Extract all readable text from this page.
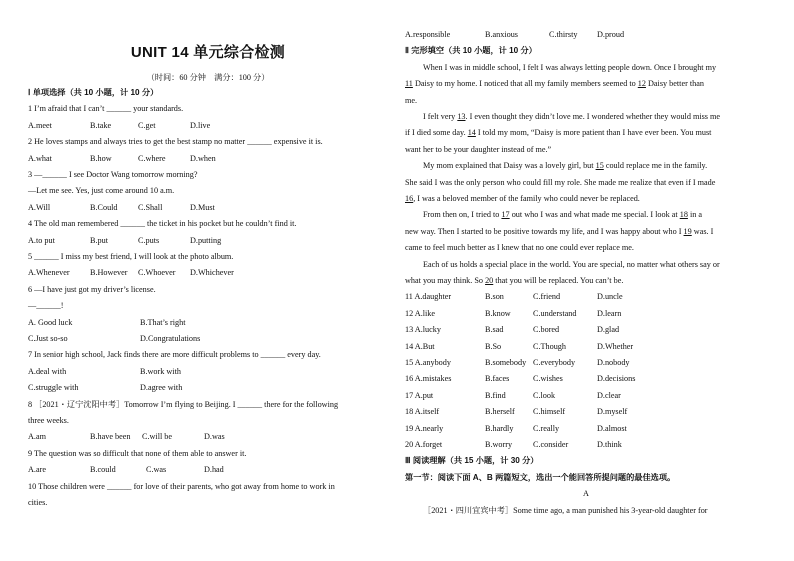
UNIT 14 单元综合检测
（时间：60 分钟　满分：100 分）
Ⅰ 单项选择（共 10 小题，计 10 分）
1 I’m afraid that I can’t ______ your standards.
A.meet	B.take	C.get	D.live
2 He loves stamps and always tries to get the best stamp no matter ______ expensive it is.
A.what	B.how	C.where	D.when
3 —______ I see Doctor Wang tomorrow morning?
—Let me see. Yes, just come around 10 a.m.
A.Will	B.Could C.Shall	D.Must
4 The old man remembered ______ the ticket in his pocket but he couldn’t find it.
A.to put	B.put	C.puts	D.putting
5 ______ I miss my best friend, I will look at the photo album.
A.Whenever B.However C.Whoever D.Whichever
6 —I have just got my driver’s license.
—______!
A. Good luck	B.That’s right
C.Just so-so	D.Congratulations
7 In senior high school, Jack finds there are more difficult problems to ______ every day.
A.deal with	B.work with
C.struggle with	D.agree with
8 ［2021・辽宁沈阳中考］Tomorrow I’m flying to Beijing. I ______ there for the following
three weeks.
A.am	B.have been C.will be	D.was
9 The question was so difficult that none of them able to answer it.
A.are	B.could	C.was	D.had
10 Those children were ______ for love of their parents, who got away from home to work in
cities.
A.responsible	B.anxious	C.thirsty D.proud
Ⅱ 完形填空（共 10 小题，计 10 分）
When I was in middle school, I felt I was always letting people down. Once I brought my
11 Daisy to my home. I noticed that all my family members seemed to 12 Daisy better than
me.
I felt very 13. I even thought they didn’t love me. I wondered whether they would miss me
if I died some day. 14 I told my mom, “Daisy is more patient than I have ever been. You must
want her to be your daughter instead of me.”
My mom explained that Daisy was a lovely girl, but 15 could replace me in the family.
She said I was the only person who could fill my role. She made me realize that even if I made
16, I was a beloved member of the family who could never be replaced.
From then on, I tried to 17 out who I was and what made me special. I look at 18 in a
new way. Then I started to be positive towards my life, and I was happy about who I 19 was. I
came to feel much better as I knew that no one could ever replace me.
Each of us holds a special place in the world. You are special, no matter what others say or
what you may think. So 20 that you will be replaced. You can’t be.
11 A.daughter	B.son	C.friend	D.uncle
12 A.like	B.know	C.understand	D.learn
13 A.lucky	B.sad	C.bored	D.glad
14 A.But	B.So	C.Though	D.Whether
15 A.anybody	B.somebody C.everybody	D.nobody
16 A.mistakes	B.faces	C.wishes	D.decisions
17 A.put	B.find	C.look	D.clear
18 A.itself	B.herself C.himself	D.myself
19 A.nearly	B.hardly C.really	D.almost
20 A.forget	B.worry	C.consider	D.think
Ⅲ 阅读理解（共 15 小题，计 30 分）
第一节：阅读下面 A、B 两篇短文，选出一个能回答所提问题的最佳选项。
A
［2021・四川宜宾中考］Some time ago, a man punished his 3-year-old daughter for
